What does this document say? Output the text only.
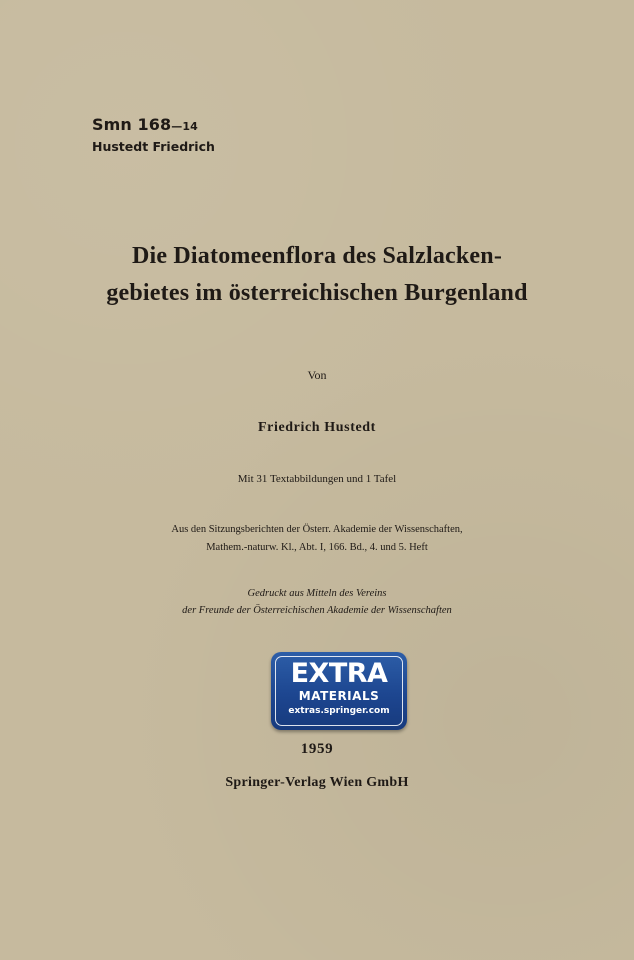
Smn 168—14

Hustedt Friedrich

Die Diatomeenflora des Salzlacken-
gebietes im österreichischen Burgenland

Von

Friedrich Hustedt

Mit 31 Textabbildungen und 1 Tafel

Aus den Sitzungsberichten der Österr. Akademie der Wissenschaften,

Mathem.-naturw. Kl., Abt. I, 166. Bd., 4. und 5. Heft

Gedruckt aus Mitteln des Vereins

der Freunde der Österreichischen Akademie der Wissenschaften

EXTRA
MATERIALS
extras.springer.com

1959

Springer-Verlag Wien GmbH
